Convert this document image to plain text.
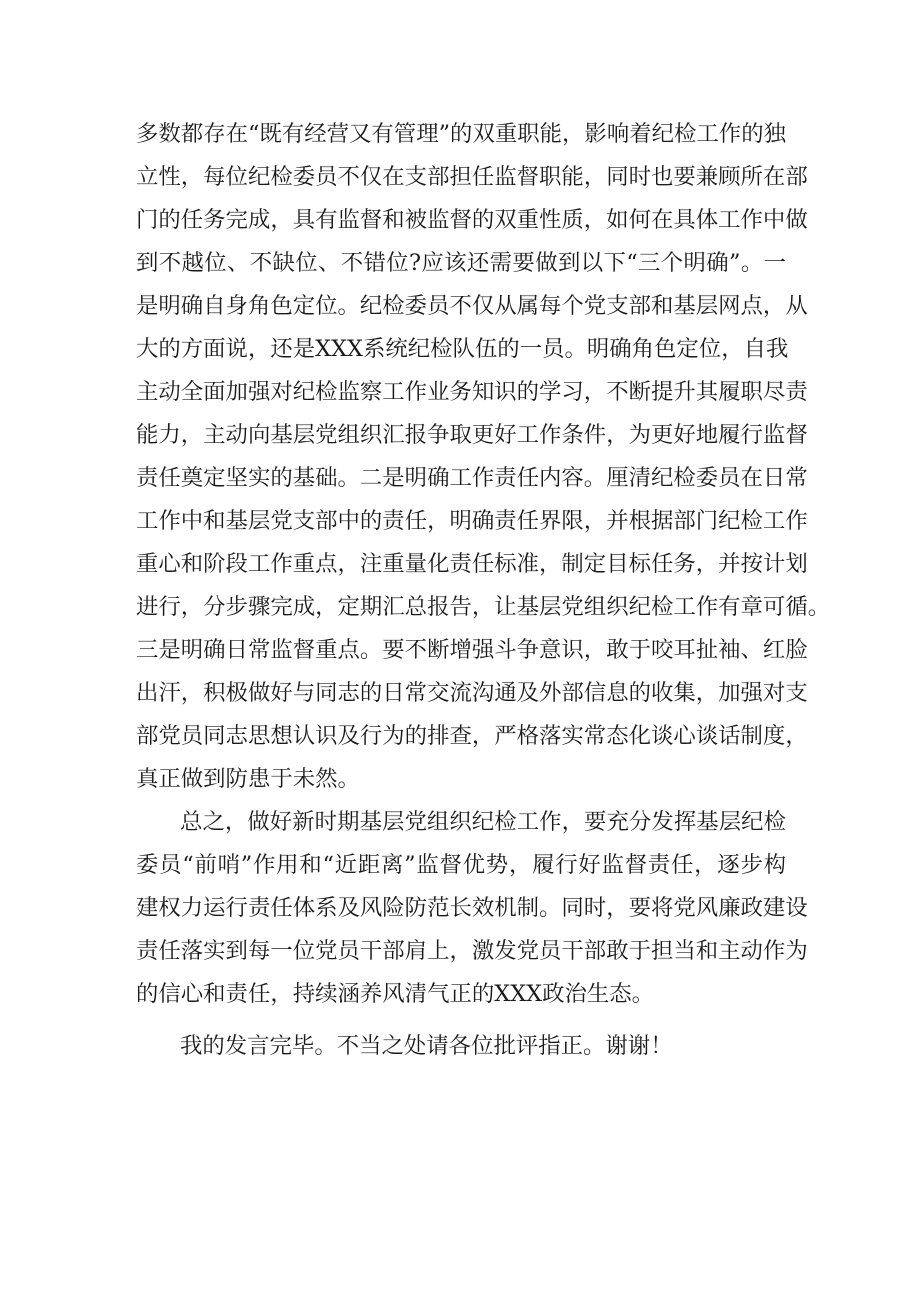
多数都存在“既有经营又有管理”的双重职能，影响着纪检工作的独
立性，每位纪检委员不仅在支部担任监督职能，同时也要兼顾所在部
门的任务完成，具有监督和被监督的双重性质，如何在具体工作中做
到不越位、不缺位、不错位?应该还需要做到以下“三个明确”。一
是明确自身角色定位。纪检委员不仅从属每个党支部和基层网点，从
大的方面说，还是XXX系统纪检队伍的一员。明确角色定位，自我
主动全面加强对纪检监察工作业务知识的学习，不断提升其履职尽责
能力，主动向基层党组织汇报争取更好工作条件，为更好地履行监督
责任奠定坚实的基础。二是明确工作责任内容。厘清纪检委员在日常
工作中和基层党支部中的责任，明确责任界限，并根据部门纪检工作
重心和阶段工作重点，注重量化责任标准，制定目标任务，并按计划
进行，分步骤完成，定期汇总报告，让基层党组织纪检工作有章可循。
三是明确日常监督重点。要不断增强斗争意识，敢于咬耳扯袖、红脸
出汗，积极做好与同志的日常交流沟通及外部信息的收集，加强对支
部党员同志思想认识及行为的排查，严格落实常态化谈心谈话制度，
真正做到防患于未然。
总之，做好新时期基层党组织纪检工作，要充分发挥基层纪检
委员“前哨”作用和“近距离”监督优势，履行好监督责任，逐步构
建权力运行责任体系及风险防范长效机制。同时，要将党风廉政建设
责任落实到每一位党员干部肩上，激发党员干部敢于担当和主动作为
的信心和责任，持续涵养风清气正的XXX政治生态。
我的发言完毕。不当之处请各位批评指正。谢谢！
